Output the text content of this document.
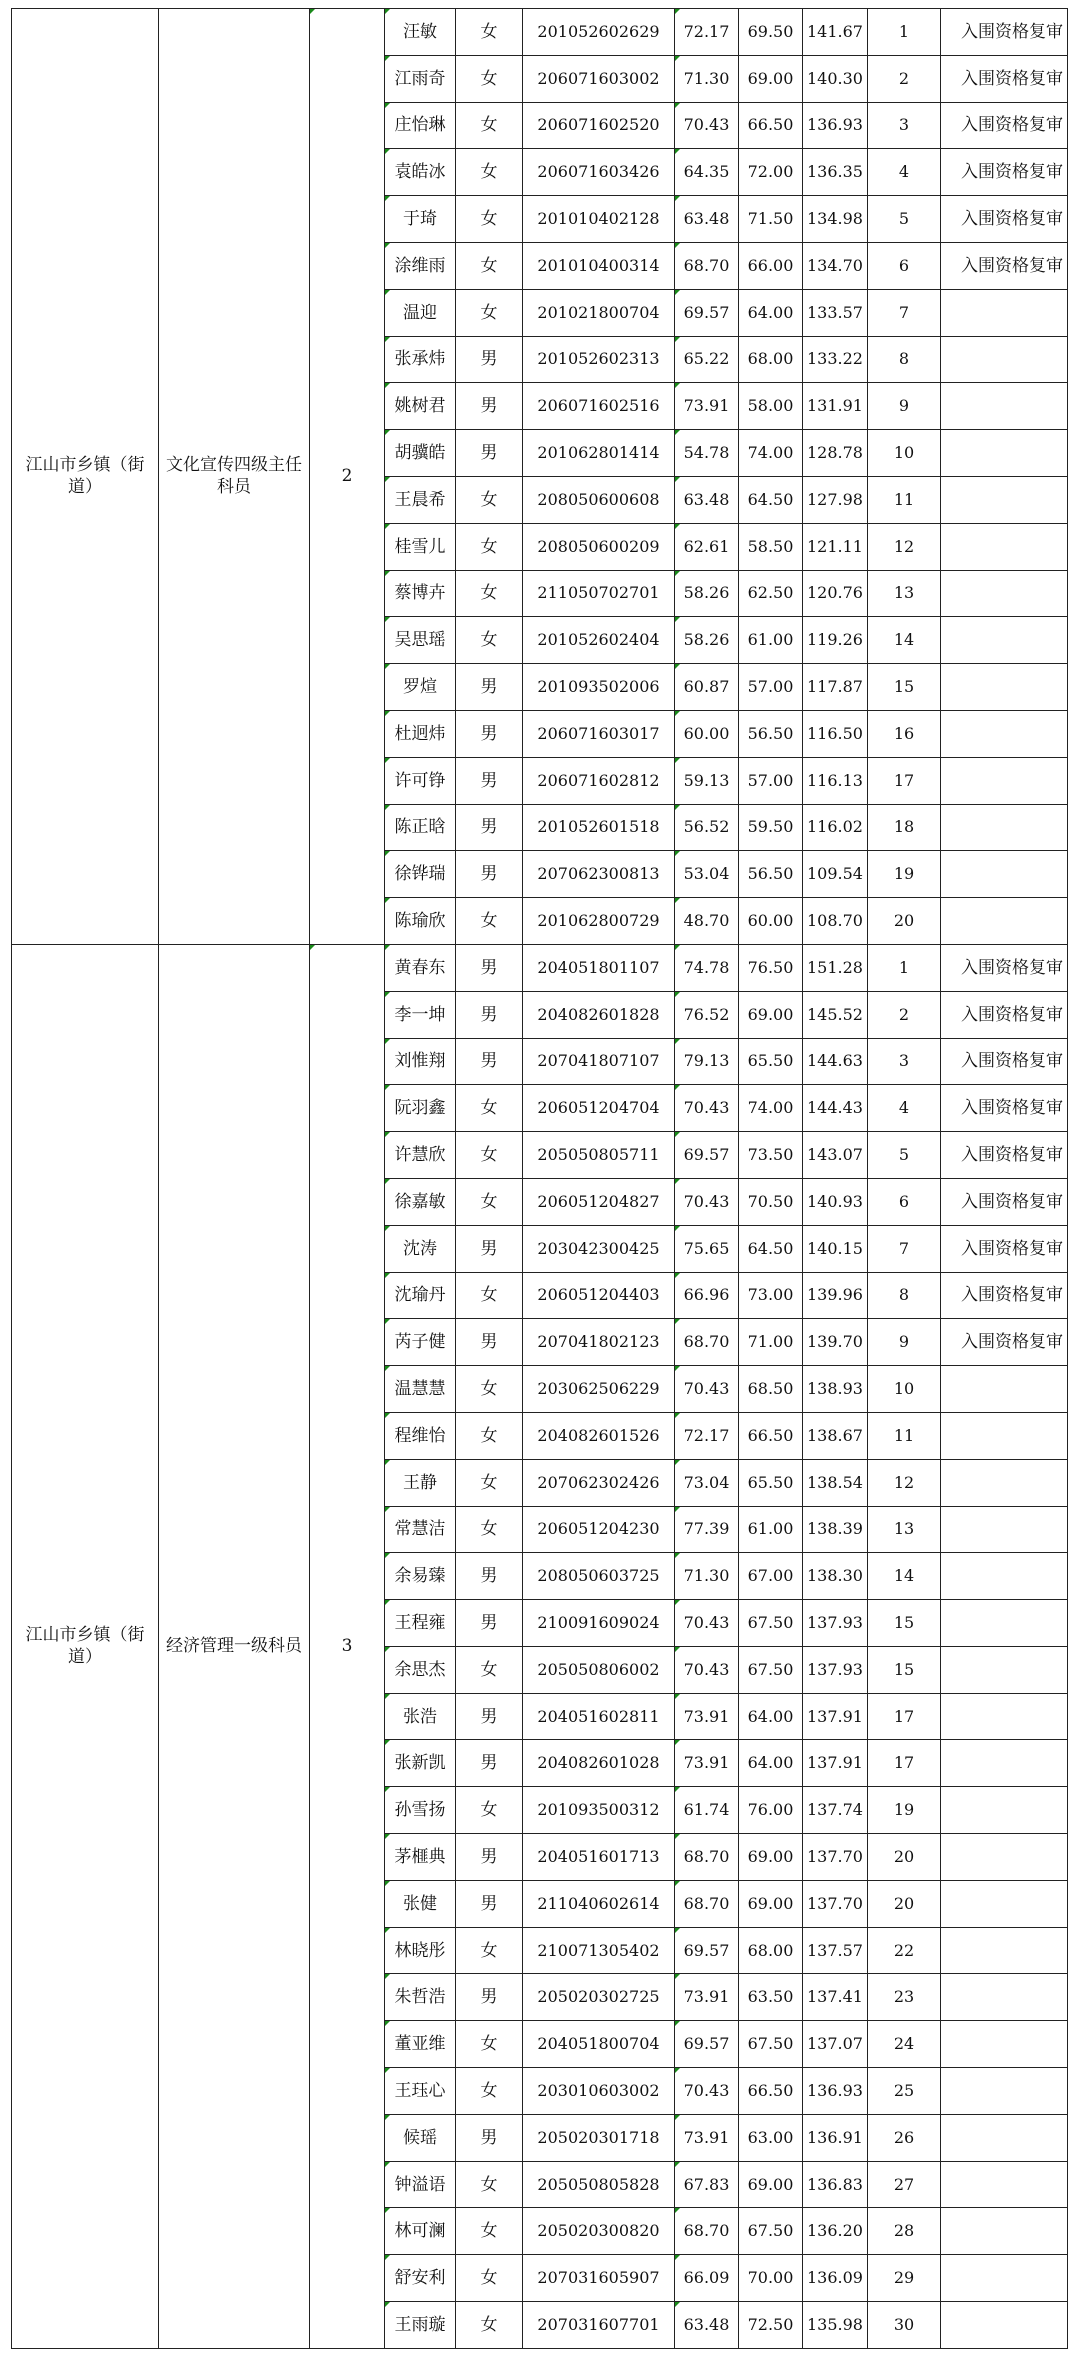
江山市乡镇（街道）	文化宣传四级主任科员	2	汪敏	女	201052602629	72.17	69.50	141.67	1	入围资格复审
			江雨奇	女	206071603002	71.30	69.00	140.30	2	入围资格复审
			庄怡琳	女	206071602520	70.43	66.50	136.93	3	入围资格复审
			袁皓冰	女	206071603426	64.35	72.00	136.35	4	入围资格复审
			于琦	女	201010402128	63.48	71.50	134.98	5	入围资格复审
			涂维雨	女	201010400314	68.70	66.00	134.70	6	入围资格复审
			温迎	女	201021800704	69.57	64.00	133.57	7	
			张承炜	男	201052602313	65.22	68.00	133.22	8	
			姚树君	男	206071602516	73.91	58.00	131.91	9	
			胡骥皓	男	201062801414	54.78	74.00	128.78	10	
			王晨希	女	208050600608	63.48	64.50	127.98	11	
			桂雪儿	女	208050600209	62.61	58.50	121.11	12	
			蔡博卉	女	211050702701	58.26	62.50	120.76	13	
			吴思瑶	女	201052602404	58.26	61.00	119.26	14	
			罗煊	男	201093502006	60.87	57.00	117.87	15	
			杜迥炜	男	206071603017	60.00	56.50	116.50	16	
			许可铮	男	206071602812	59.13	57.00	116.13	17	
			陈正晗	男	201052601518	56.52	59.50	116.02	18	
			徐铧瑞	男	207062300813	53.04	56.50	109.54	19	
			陈瑜欣	女	201062800729	48.70	60.00	108.70	20	
江山市乡镇（街道）	经济管理一级科员	3	黄春东	男	204051801107	74.78	76.50	151.28	1	入围资格复审
			李一坤	男	204082601828	76.52	69.00	145.52	2	入围资格复审
			刘惟翔	男	207041807107	79.13	65.50	144.63	3	入围资格复审
			阮羽鑫	女	206051204704	70.43	74.00	144.43	4	入围资格复审
			许慧欣	女	205050805711	69.57	73.50	143.07	5	入围资格复审
			徐嘉敏	女	206051204827	70.43	70.50	140.93	6	入围资格复审
			沈涛	男	203042300425	75.65	64.50	140.15	7	入围资格复审
			沈瑜丹	女	206051204403	66.96	73.00	139.96	8	入围资格复审
			芮子健	男	207041802123	68.70	71.00	139.70	9	入围资格复审
			温慧慧	女	203062506229	70.43	68.50	138.93	10	
			程维怡	女	204082601526	72.17	66.50	138.67	11	
			王静	女	207062302426	73.04	65.50	138.54	12	
			常慧洁	女	206051204230	77.39	61.00	138.39	13	
			余易臻	男	208050603725	71.30	67.00	138.30	14	
			王程雍	男	210091609024	70.43	67.50	137.93	15	
			余思杰	女	205050806002	70.43	67.50	137.93	15	
			张浩	男	204051602811	73.91	64.00	137.91	17	
			张新凯	男	204082601028	73.91	64.00	137.91	17	
			孙雪扬	女	201093500312	61.74	76.00	137.74	19	
			茅榧典	男	204051601713	68.70	69.00	137.70	20	
			张健	男	211040602614	68.70	69.00	137.70	20	
			林晓彤	女	210071305402	69.57	68.00	137.57	22	
			朱哲浩	男	205020302725	73.91	63.50	137.41	23	
			董亚维	女	204051800704	69.57	67.50	137.07	24	
			王珏心	女	203010603002	70.43	66.50	136.93	25	
			候瑶	男	205020301718	73.91	63.00	136.91	26	
			钟溢语	女	205050805828	67.83	69.00	136.83	27	
			林可澜	女	205020300820	68.70	67.50	136.20	28	
			舒安利	女	207031605907	66.09	70.00	136.09	29	
			王雨璇	女	207031607701	63.48	72.50	135.98	30	
